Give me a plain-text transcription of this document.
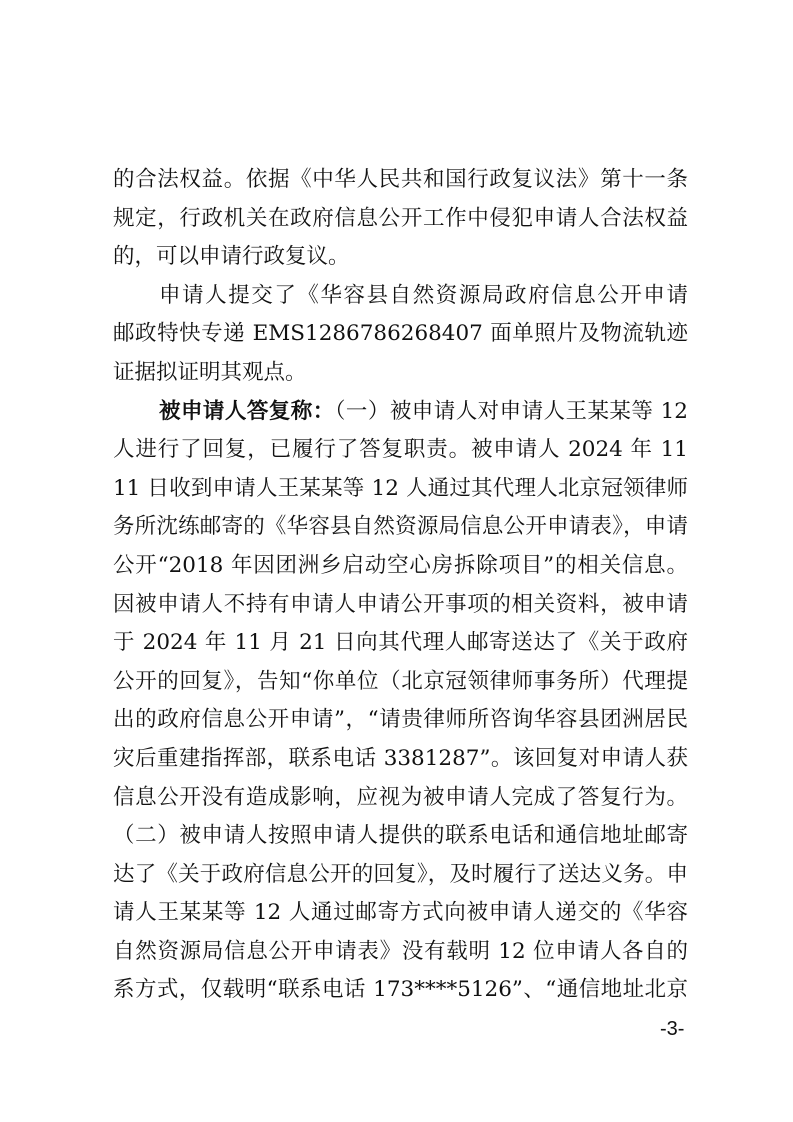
的合法权益。依据《中华人民共和国行政复议法》第十一条
规定，行政机关在政府信息公开工作中侵犯申请人合法权益
的，可以申请行政复议。
申请人提交了《华容县自然资源局政府信息公开申请
邮政特快专递 EMS1286786268407 面单照片及物流轨迹
证据拟证明其观点。
被申请人答复称：（一）被申请人对申请人王某某等 12
人进行了回复，已履行了答复职责。被申请人 2024 年 11
11 日收到申请人王某某等 12 人通过其代理人北京冠领律师
务所沈练邮寄的《华容县自然资源局信息公开申请表》，申请
公开“2018 年因团洲乡启动空心房拆除项目”的相关信息。
因被申请人不持有申请人申请公开事项的相关资料，被申请
于 2024 年 11 月 21 日向其代理人邮寄送达了《关于政府
公开的回复》，告知“你单位（北京冠领律师事务所）代理提
出的政府信息公开申请”，“请贵律师所咨询华容县团洲居民
灾后重建指挥部，联系电话 3381287”。该回复对申请人获
信息公开没有造成影响，应视为被申请人完成了答复行为。
（二）被申请人按照申请人提供的联系电话和通信地址邮寄
达了《关于政府信息公开的回复》，及时履行了送达义务。申
请人王某某等 12 人通过邮寄方式向被申请人递交的《华容
自然资源局信息公开申请表》没有载明 12 位申请人各自的
系方式，仅载明“联系电话 173****5126”、“通信地址北京
-3-
